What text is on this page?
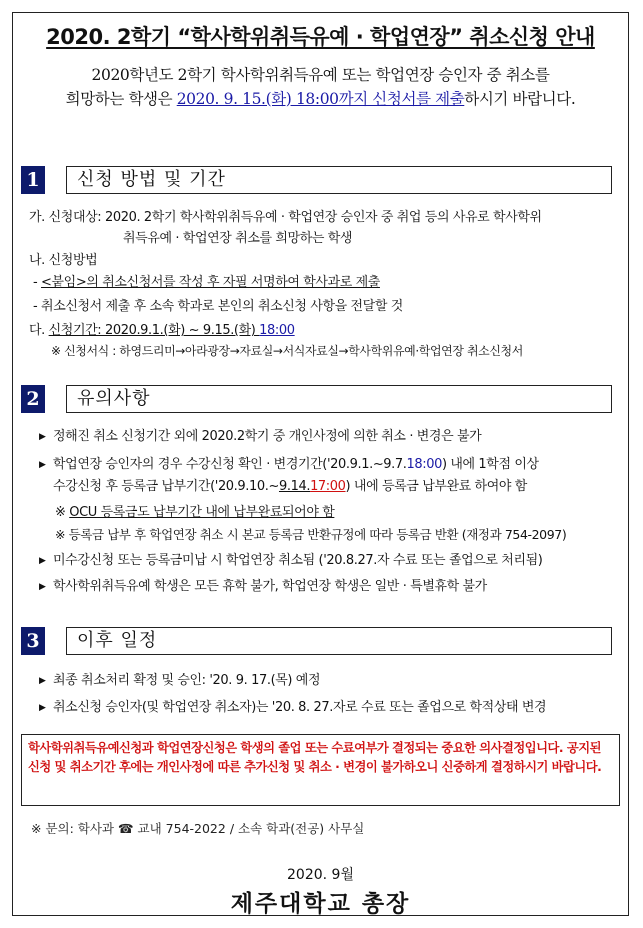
2020. 2학기 “학사학위취득유예 · 학업연장” 취소신청 안내
2020학년도 2학기 학사학위취득유예 또는 학업연장 승인자 중 취소를
희망하는 학생은 2020. 9. 15.(화) 18:00까지 신청서를 제출하시기 바랍니다.
1	신청 방법 및 기간
가. 신청대상: 2020. 2학기 학사학위취득유예 · 학업연장 승인자 중 취업 등의 사유로 학사학위
취득유예 · 학업연장 취소를 희망하는 학생
나. 신청방법
- <붙임>의 취소신청서를 작성 후 자필 서명하여 학사과로 제출
- 취소신청서 제출 후 소속 학과로 본인의 취소신청 사항을 전달할 것
다. 신청기간: 2020.9.1.(화) ~ 9.15.(화) 18:00
※ 신청서식 : 하영드리미→아라광장→자료실→서식자료실→학사학위유예·학업연장 취소신청서
2	유의사항
▶ 정해진 취소 신청기간 외에 2020.2학기 중 개인사정에 의한 취소 · 변경은 불가
▶ 학업연장 승인자의 경우 수강신청 확인 · 변경기간('20.9.1.~9.7.18:00) 내에 1학점 이상
수강신청 후 등록금 납부기간('20.9.10.~9.14.17:00) 내에 등록금 납부완료 하여야 함
※ OCU 등록금도 납부기간 내에 납부완료되어야 함
※ 등록금 납부 후 학업연장 취소 시 본교 등록금 반환규정에 따라 등록금 반환 (재정과 754-2097)
▶ 미수강신청 또는 등록금미납 시 학업연장 취소됨 ('20.8.27.자 수료 또는 졸업으로 처리됨)
▶ 학사학위취득유예 학생은 모든 휴학 불가, 학업연장 학생은 일반 · 특별휴학 불가
3	이후 일정
▶ 최종 취소처리 확정 및 승인: '20. 9. 17.(목) 예정
▶ 취소신청 승인자(및 학업연장 취소자)는 '20. 8. 27.자로 수료 또는 졸업으로 학적상태 변경
학사학위취득유예신청과 학업연장신청은 학생의 졸업 또는 수료여부가 결정되는 중요한 의사결정입니다. 공지된 신청 및 취소기간 후에는 개인사정에 따른 추가신청 및 취소 · 변경이 불가하오니 신중하게 결정하시기 바랍니다.
※ 문의: 학사과 ☎ 교내 754-2022 / 소속 학과(전공) 사무실
2020. 9월
제주대학교 총장
